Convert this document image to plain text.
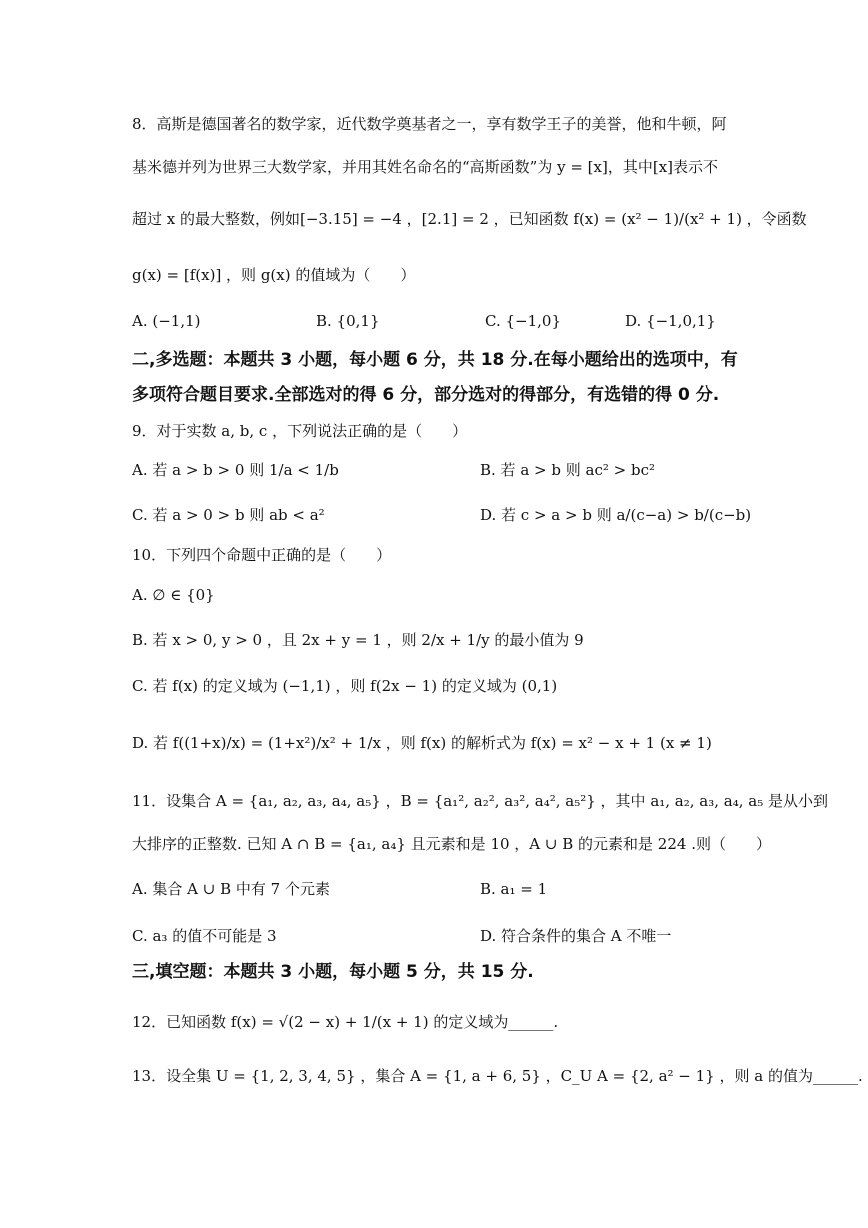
8．高斯是德国著名的数学家，近代数学奠基者之一，享有数学王子的美誉，他和牛顿，阿
基米德并列为世界三大数学家，并用其姓名命名的“高斯函数”为 y = [x]，其中[x]表示不
超过 x 的最大整数，例如[−3.15] = −4 ，[2.1] = 2 ，已知函数 f(x) = (x² − 1)/(x² + 1) ，令函数
g(x) = [f(x)] ，则 g(x) 的值域为（　　）
A. (−1,1)	B. {0,1}	C. {−1,0}	D. {−1,0,1}
二,多选题：本题共 3 小题，每小题 6 分，共 18 分.在每小题给出的选项中，有
多项符合题目要求.全部选对的得 6 分，部分选对的得部分，有选错的得 0 分.
9．对于实数 a, b, c ，下列说法正确的是（　　）
A. 若 a > b > 0 则 1/a < 1/b	B. 若 a > b 则 ac² > bc²
C. 若 a > 0 > b 则 ab < a²	D. 若 c > a > b 则 a/(c−a) > b/(c−b)
10．下列四个命题中正确的是（　　）
A. ∅ ∈ {0}
B. 若 x > 0, y > 0 ，且 2x + y = 1 ，则 2/x + 1/y 的最小值为 9
C. 若 f(x) 的定义域为 (−1,1) ，则 f(2x − 1) 的定义域为 (0,1)
D. 若 f((1+x)/x) = (1+x²)/x² + 1/x ，则 f(x) 的解析式为 f(x) = x² − x + 1 (x ≠ 1)
11．设集合 A = {a₁, a₂, a₃, a₄, a₅} ，B = {a₁², a₂², a₃², a₄², a₅²} ，其中 a₁, a₂, a₃, a₄, a₅ 是从小到
大排序的正整数. 已知 A ∩ B = {a₁, a₄} 且元素和是 10 ，A ∪ B 的元素和是 224 .则（　　）
A. 集合 A ∪ B 中有 7 个元素	B. a₁ = 1
C. a₃ 的值不可能是 3	D. 符合条件的集合 A 不唯一
三,填空题：本题共 3 小题，每小题 5 分，共 15 分.
12．已知函数 f(x) = √(2 − x) + 1/(x + 1) 的定义域为______.
13．设全集 U = {1, 2, 3, 4, 5} ，集合 A = {1, a + 6, 5} ，C_U A = {2, a² − 1} ，则 a 的值为______.
